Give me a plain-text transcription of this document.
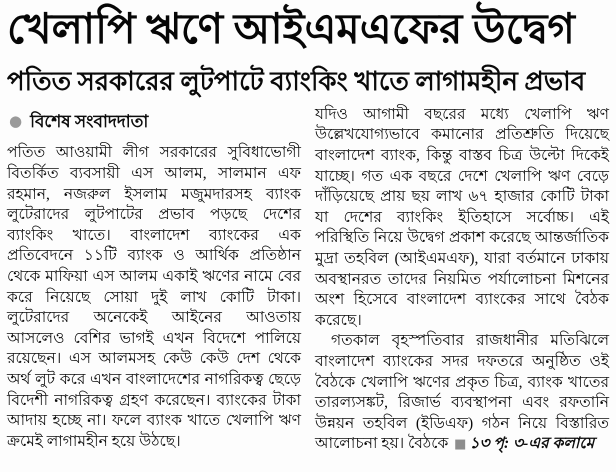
খেলাপি ঋণে আইএমএফের উদ্বেগ
পতিত সরকারের লুটপাটে ব্যাংকিং খাতে লাগামহীন প্রভাব
● বিশেষ সংবাদদাতা

পতিত আওয়ামী লীগ সরকারের সুবিধাভোগী বিতর্কিত ব্যবসায়ী এস আলম, সালমান এফ রহমান, নজরুল ইসলাম মজুমদারসহ ব্যাংক লুটেরাদের লুটপাটের প্রভাব পড়ছে দেশের ব্যাংকিং খাতে। বাংলাদেশ ব্যাংকের এক প্রতিবেদনে ১১টি ব্যাংক ও আর্থিক প্রতিষ্ঠান থেকে মাফিয়া এস আলম একাই ঋণের নামে বের করে নিয়েছে সোয়া দুই লাখ কোটি টাকা। লুটেরাদের অনেকেই আইনের আওতায় আসলেও বেশির ভাগই এখন বিদেশে পালিয়ে রয়েছেন। এস আলমসহ কেউ কেউ দেশ থেকে অর্থ লুট করে এখন বাংলাদেশের নাগরিকত্ব ছেড়ে বিদেশী নাগরিকত্ব গ্রহণ করেছেন। ব্যাংকের টাকা আদায় হচ্ছে না। ফলে ব্যাংক খাতে খেলাপি ঋণ ক্রমেই লাগামহীন হয়ে উঠছে।

যদিও আগামী বছরের মধ্যে খেলাপি ঋণ উল্লেখযোগ্যভাবে কমানোর প্রতিশ্রুতি দিয়েছে বাংলাদেশ ব্যাংক, কিন্তু বাস্তব চিত্র উল্টো দিকেই যাচ্ছে। গত এক বছরে দেশে খেলাপি ঋণ বেড়ে দাঁড়িয়েছে প্রায় ছয় লাখ ৬৭ হাজার কোটি টাকা যা দেশের ব্যাংকিং ইতিহাসে সর্বোচ্চ। এই পরিস্থিতি নিয়ে উদ্বেগ প্রকাশ করেছে আন্তর্জাতিক মুদ্রা তহবিল (আইএমএফ), যারা বর্তমানে ঢাকায় অবস্থানরত তাদের নিয়মিত পর্যালোচনা মিশনের অংশ হিসেবে বাংলাদেশ ব্যাংকের সাথে বৈঠক করেছে।

গতকাল বৃহস্পতিবার রাজধানীর মতিঝিলে বাংলাদেশ ব্যাংকের সদর দফতরে অনুষ্ঠিত ওই বৈঠকে খেলাপি ঋণের প্রকৃত চিত্র, ব্যাংক খাতের তারল্যসঙ্কট, রিজার্ভ ব্যবস্থাপনা এবং রফতানি উন্নয়ন তহবিল (ইডিএফ) গঠন নিয়ে বিস্তারিত আলোচনা হয়। বৈঠকে ■ ১৩ পৃ: ৩-এর কলামে
